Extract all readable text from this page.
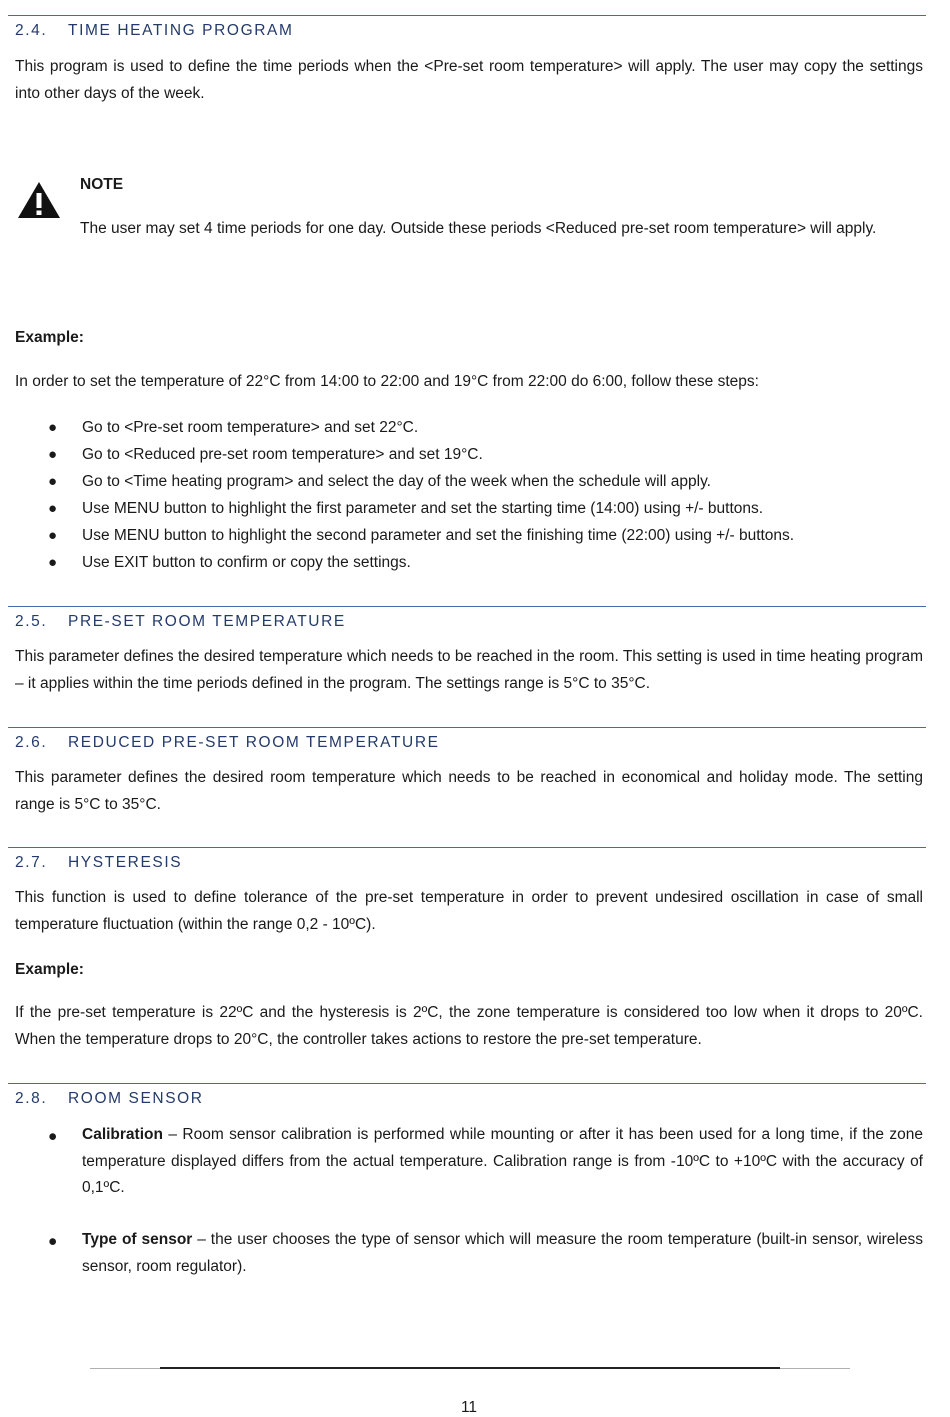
2.4. TIME HEATING PROGRAM
This program is used to define the time periods when the <Pre-set room temperature> will apply. The user may copy the settings into other days of the week.
NOTE
The user may set 4 time periods for one day. Outside these periods <Reduced pre-set room temperature> will apply.
Example:
In order to set the temperature of 22°C from 14:00 to 22:00 and 19°C from 22:00 do 6:00, follow these steps:
● Go to <Pre-set room temperature> and set 22°C.
● Go to <Reduced pre-set room temperature> and set 19°C.
● Go to <Time heating program> and select the day of the week when the schedule will apply.
● Use MENU button to highlight the first parameter and set the starting time (14:00) using +/- buttons.
● Use MENU button to highlight the second parameter and set the finishing time (22:00) using +/- buttons.
● Use EXIT button to confirm or copy the settings.
2.5. PRE-SET ROOM TEMPERATURE
This parameter defines the desired temperature which needs to be reached in the room. This setting is used in time heating program – it applies within the time periods defined in the program. The settings range is 5°C to 35°C.
2.6. REDUCED PRE-SET ROOM TEMPERATURE
This parameter defines the desired room temperature which needs to be reached in economical and holiday mode. The setting range is 5°C to 35°C.
2.7. HYSTERESIS
This function is used to define tolerance of the pre-set temperature in order to prevent undesired oscillation in case of small temperature fluctuation (within the range 0,2 - 10ºC).
Example:
If the pre-set temperature is 22ºC and the hysteresis is 2ºC, the zone temperature is considered too low when it drops to 20ºC. When the temperature drops to 20°C, the controller takes actions to restore the pre-set temperature.
2.8. ROOM SENSOR
● Calibration – Room sensor calibration is performed while mounting or after it has been used for a long time, if the zone temperature displayed differs from the actual temperature. Calibration range is from -10ºC to +10ºC with the accuracy of 0,1ºC.
● Type of sensor – the user chooses the type of sensor which will measure the room temperature (built-in sensor, wireless sensor, room regulator).
11
